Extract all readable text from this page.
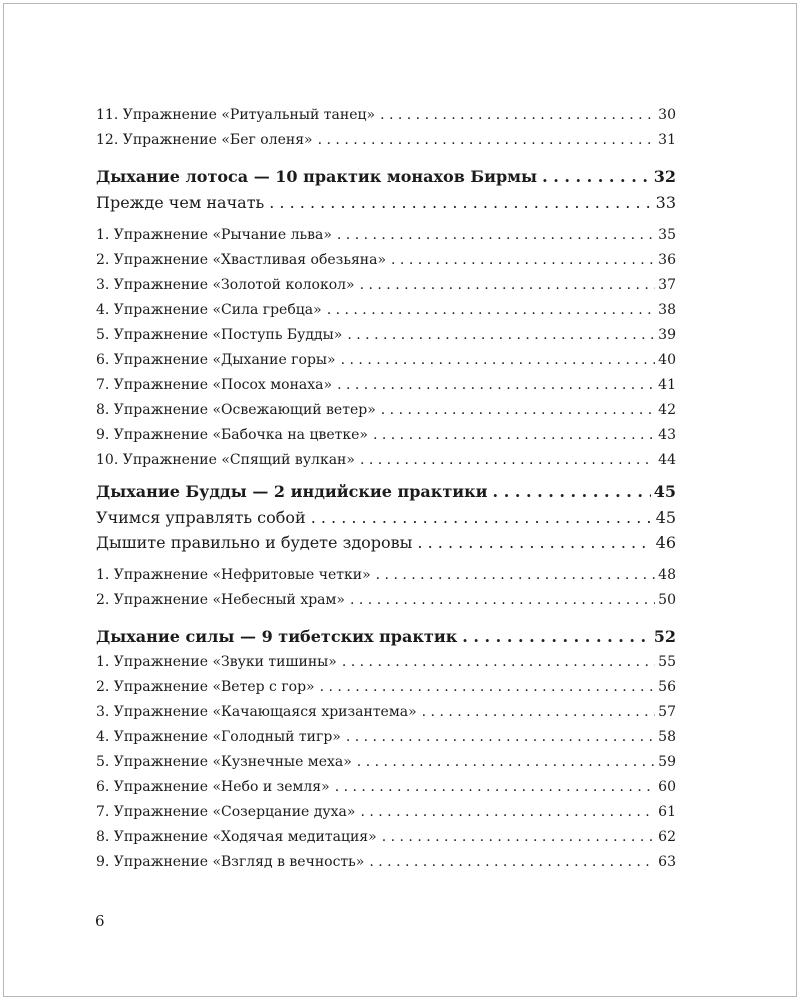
11. Упражнение «Ритуальный танец» . . .	30
12. Упражнение «Бег оленя» . . .	31
Дыхание лотоса — 10 практик монахов Бирмы . . .	32
Прежде чем начать . . .	33
1. Упражнение «Рычание льва» . . .	35
2. Упражнение «Хвастливая обезьяна» . . .	36
3. Упражнение «Золотой колокол» . . .	37
4. Упражнение «Сила гребца» . . .	38
5. Упражнение «Поступь Будды» . . .	39
6. Упражнение «Дыхание горы» . . .	40
7. Упражнение «Посох монаха» . . .	41
8. Упражнение «Освежающий ветер» . . .	42
9. Упражнение «Бабочка на цветке» . . .	43
10. Упражнение «Спящий вулкан» . . .	44
Дыхание Будды — 2 индийские практики . . .	45
Учимся управлять собой . . .	45
Дышите правильно и будете здоровы . . .	46
1. Упражнение «Нефритовые четки» . . .	48
2. Упражнение «Небесный храм» . . .	50
Дыхание силы — 9 тибетских практик . . .	52
1. Упражнение «Звуки тишины» . . .	55
2. Упражнение «Ветер с гор» . . .	56
3. Упражнение «Качающаяся хризантема» . . .	57
4. Упражнение «Голодный тигр» . . .	58
5. Упражнение «Кузнечные меха» . . .	59
6. Упражнение «Небо и земля» . . .	60
7. Упражнение «Созерцание духа» . . .	61
8. Упражнение «Ходячая медитация» . . .	62
9. Упражнение «Взгляд в вечность» . . .	63
6
